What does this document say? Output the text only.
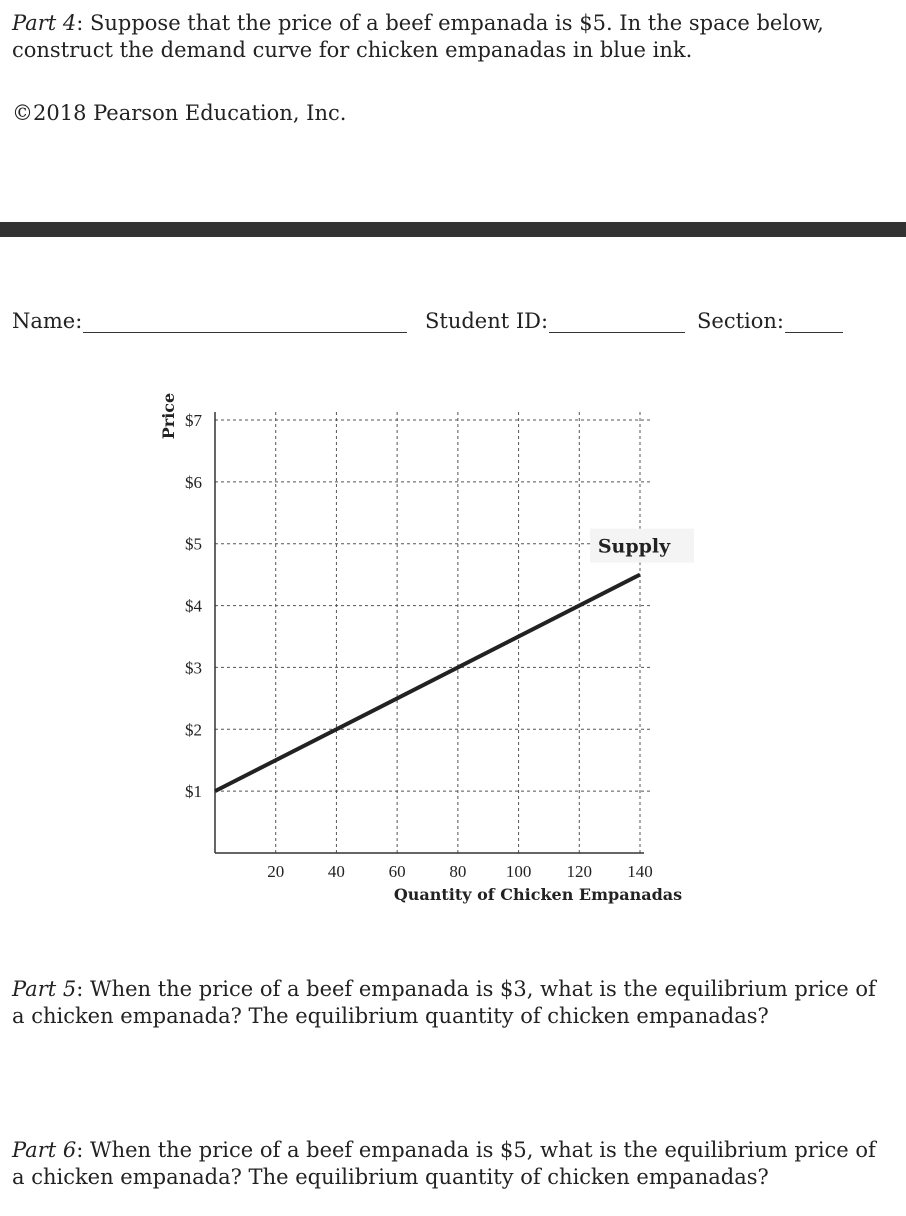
Part 4: Suppose that the price of a beef empanada is $5. In the space below, construct the demand curve for chicken empanadas in blue ink.
©2018 Pearson Education, Inc.
Name:	Student ID:	Section:
$1
$2
$3
$4
$5
$6
$7
20	40	60	80 100 120 140
Supply
Price
Quantity of Chicken Empanadas
Part 5: When the price of a beef empanada is $3, what is the equilibrium price of a chicken empanada? The equilibrium quantity of chicken empanadas?
Part 6: When the price of a beef empanada is $5, what is the equilibrium price of a chicken empanada? The equilibrium quantity of chicken empanadas?
